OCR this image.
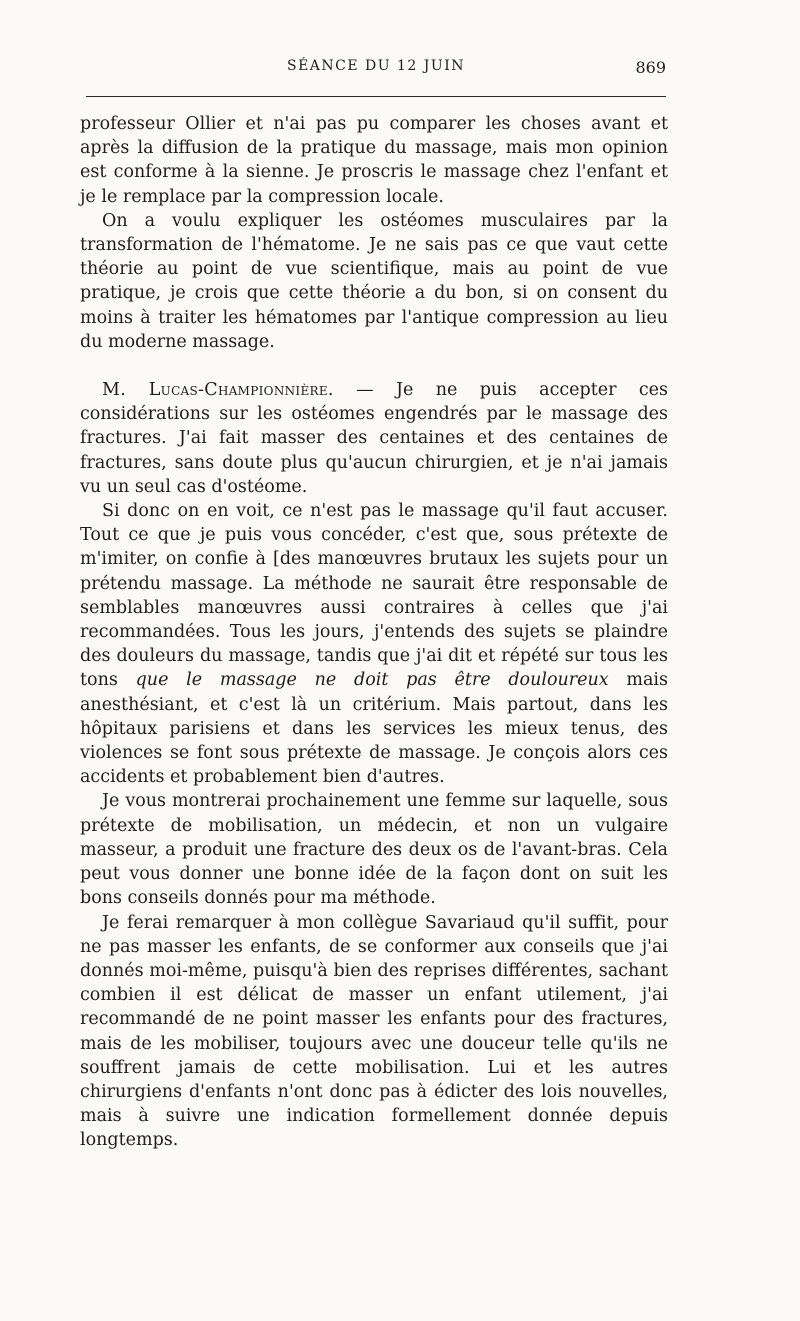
SÉANCE DU 12 JUIN	869

professeur Ollier et n'ai pas pu comparer les choses avant et après la diffusion de la pratique du massage, mais mon opinion est conforme à la sienne. Je proscris le massage chez l'enfant et je le remplace par la compression locale.

On a voulu expliquer les ostéomes musculaires par la transformation de l'hématome. Je ne sais pas ce que vaut cette théorie au point de vue scientifique, mais au point de vue pratique, je crois que cette théorie a du bon, si on consent du moins à traiter les hématomes par l'antique compression au lieu du moderne massage.

M. Lucas-Championnière. — Je ne puis accepter ces considérations sur les ostéomes engendrés par le massage des fractures. J'ai fait masser des centaines et des centaines de fractures, sans doute plus qu'aucun chirurgien, et je n'ai jamais vu un seul cas d'ostéome.

Si donc on en voit, ce n'est pas le massage qu'il faut accuser. Tout ce que je puis vous concéder, c'est que, sous prétexte de m'imiter, on confie à [des manœuvres brutaux les sujets pour un prétendu massage. La méthode ne saurait être responsable de semblables manœuvres aussi contraires à celles que j'ai recommandées. Tous les jours, j'entends des sujets se plaindre des douleurs du massage, tandis que j'ai dit et répété sur tous les tons que le massage ne doit pas être douloureux mais anesthésiant, et c'est là un critérium. Mais partout, dans les hôpitaux parisiens et dans les services les mieux tenus, des violences se font sous prétexte de massage. Je conçois alors ces accidents et probablement bien d'autres.

Je vous montrerai prochainement une femme sur laquelle, sous prétexte de mobilisation, un médecin, et non un vulgaire masseur, a produit une fracture des deux os de l'avant-bras. Cela peut vous donner une bonne idée de la façon dont on suit les bons conseils donnés pour ma méthode.

Je ferai remarquer à mon collègue Savariaud qu'il suffit, pour ne pas masser les enfants, de se conformer aux conseils que j'ai donnés moi-même, puisqu'à bien des reprises différentes, sachant combien il est délicat de masser un enfant utilement, j'ai recommandé de ne point masser les enfants pour des fractures, mais de les mobiliser, toujours avec une douceur telle qu'ils ne souffrent jamais de cette mobilisation. Lui et les autres chirurgiens d'enfants n'ont donc pas à édicter des lois nouvelles, mais à suivre une indication formellement donnée depuis longtemps.
